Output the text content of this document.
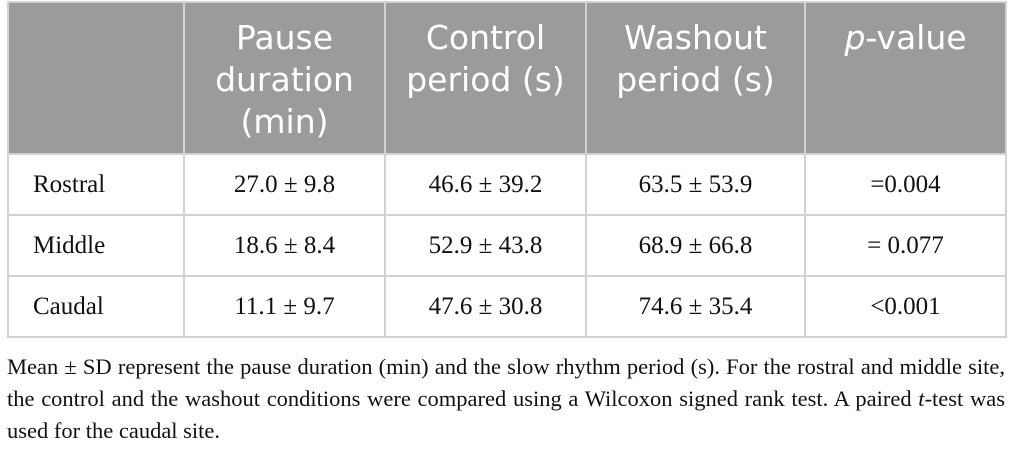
	Pause duration (min)	Control period (s)	Washout period (s)	p-value
Rostral	27.0 ± 9.8	46.6 ± 39.2	63.5 ± 53.9	=0.004
Middle	18.6 ± 8.4	52.9 ± 43.8	68.9 ± 66.8	= 0.077
Caudal	11.1 ± 9.7	47.6 ± 30.8	74.6 ± 35.4	<0.001

Mean ± SD represent the pause duration (min) and the slow rhythm period (s). For the rostral and middle site, the control and the washout conditions were compared using a Wilcoxon signed rank test. A paired t-test was used for the caudal site.
